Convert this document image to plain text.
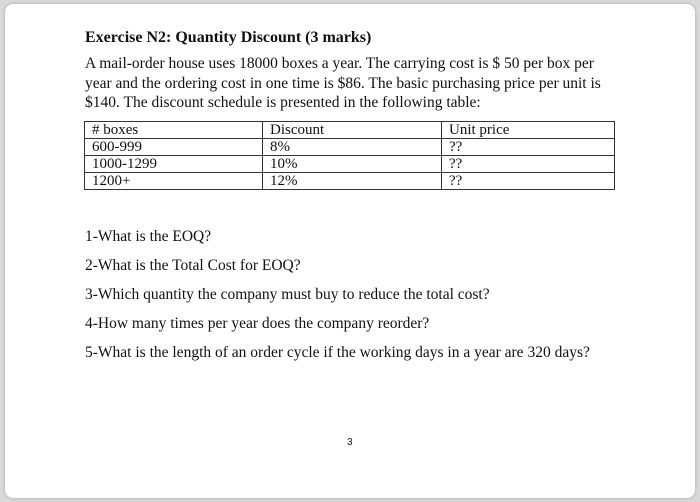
Exercise N2: Quantity Discount (3 marks)

A mail-order house uses 18000 boxes a year. The carrying cost is $ 50 per box per
year and the ordering cost in one time is $86. The basic purchasing price per unit is
$140. The discount schedule is presented in the following table:

# boxes	Discount	Unit price
600-999	8%	??
1000-1299	10%	??
1200+	12%	??
1-What is the EOQ?
2-What is the Total Cost for EOQ?
3-Which quantity the company must buy to reduce the total cost?
4-How many times per year does the company reorder?
5-What is the length of an order cycle if the working days in a year are 320 days?
3
